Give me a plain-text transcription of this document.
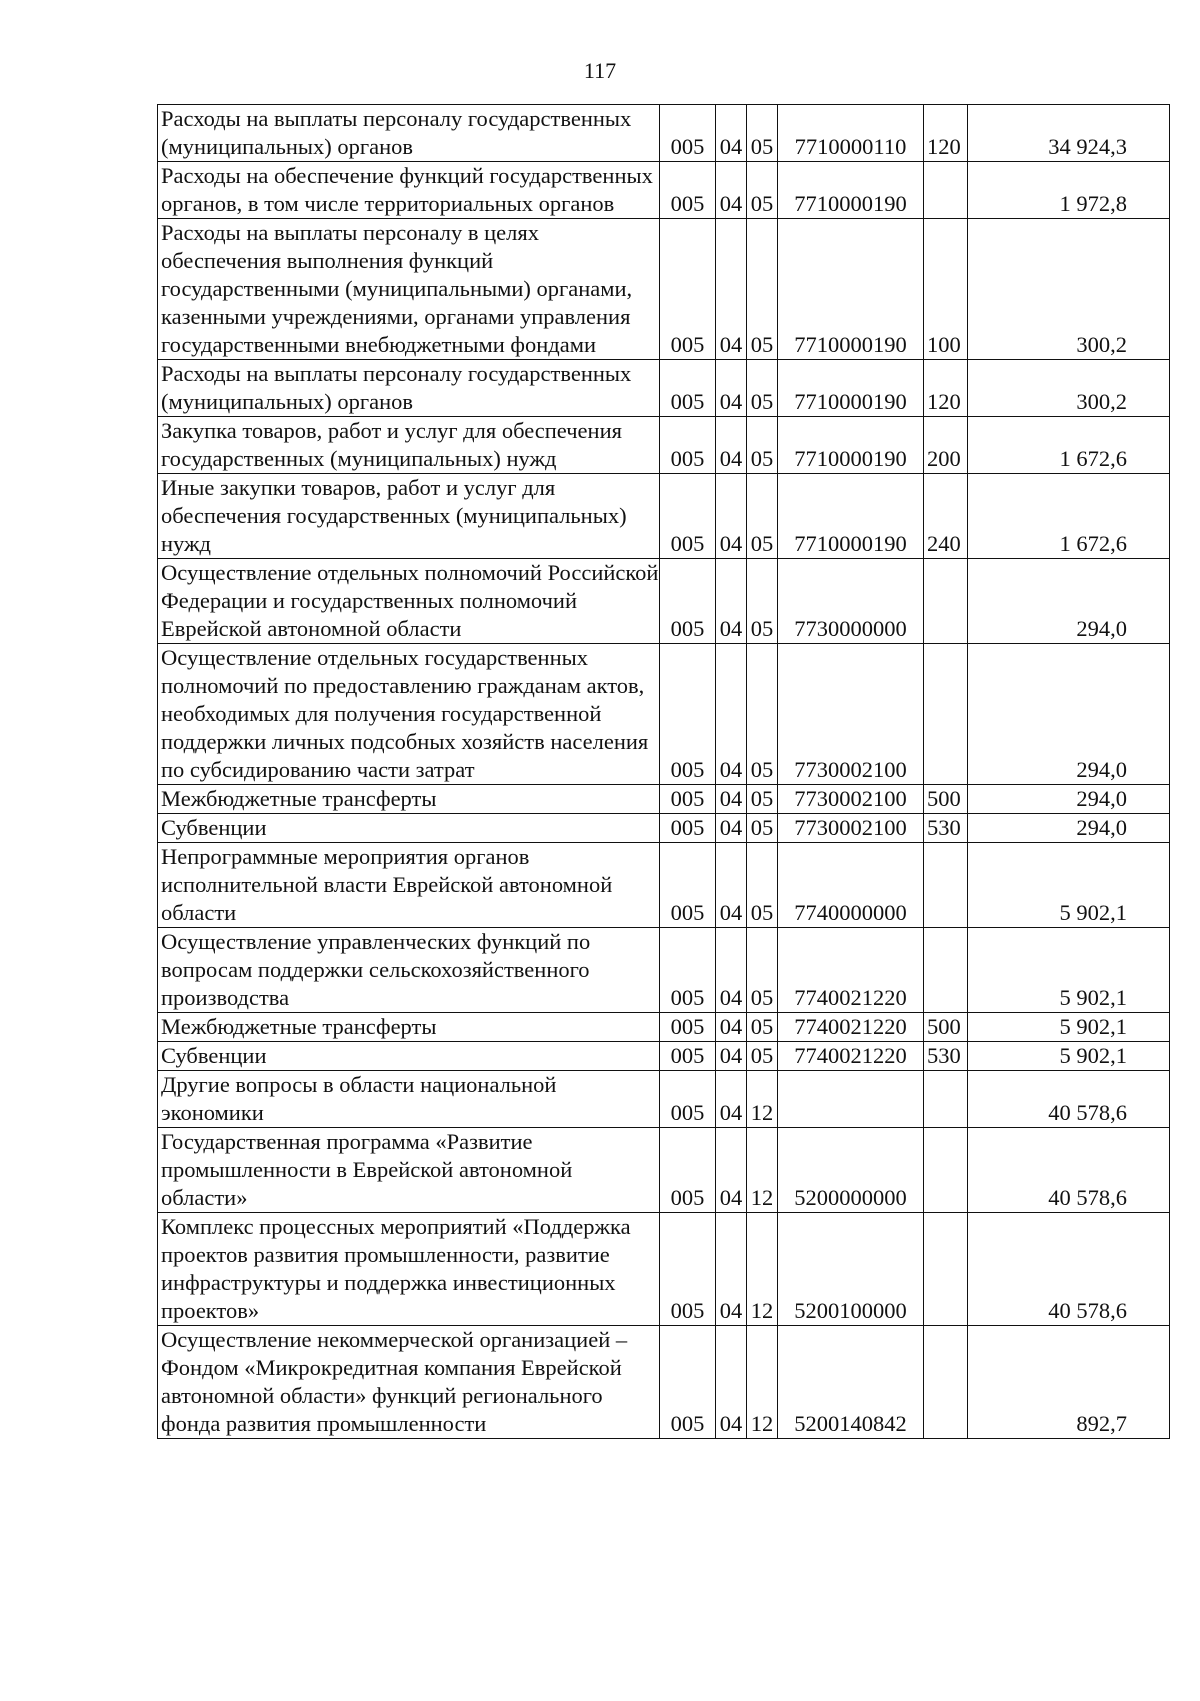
117
Расходы на выплаты персоналу государственных (муниципальных) органов	005	04	05	7710000110	120	34 924,3
Расходы на обеспечение функций государственных органов, в том числе территориальных органов	005	04	05	7710000190		1 972,8
Расходы на выплаты персоналу в целях обеспечения выполнения функций государственными (муниципальными) органами, казенными учреждениями, органами управления государственными внебюджетными фондами	005	04	05	7710000190	100	300,2
Расходы на выплаты персоналу государственных (муниципальных) органов	005	04	05	7710000190	120	300,2
Закупка товаров, работ и услуг для обеспечения государственных (муниципальных) нужд	005	04	05	7710000190	200	1 672,6
Иные закупки товаров, работ и услуг для обеспечения государственных (муниципальных) нужд	005	04	05	7710000190	240	1 672,6
Осуществление отдельных полномочий Российской Федерации и государственных полномочий Еврейской автономной области	005	04	05	7730000000		294,0
Осуществление отдельных государственных полномочий по предоставлению гражданам актов, необходимых для получения государственной поддержки личных подсобных хозяйств населения по субсидированию части затрат	005	04	05	7730002100		294,0
Межбюджетные трансферты	005	04	05	7730002100	500	294,0
Субвенции	005	04	05	7730002100	530	294,0
Непрограммные мероприятия органов исполнительной власти Еврейской автономной области	005	04	05	7740000000		5 902,1
Осуществление управленческих функций по вопросам поддержки сельскохозяйственного производства	005	04	05	7740021220		5 902,1
Межбюджетные трансферты	005	04	05	7740021220	500	5 902,1
Субвенции	005	04	05	7740021220	530	5 902,1
Другие вопросы в области национальной экономики	005	04	12			40 578,6
Государственная программа «Развитие промышленности в Еврейской автономной области»	005	04	12	5200000000		40 578,6
Комплекс процессных мероприятий «Поддержка проектов развития промышленности, развитие инфраструктуры и поддержка инвестиционных проектов»	005	04	12	5200100000		40 578,6
Осуществление некоммерческой организацией – Фондом «Микрокредитная компания Еврейской автономной области» функций регионального фонда развития промышленности	005	04	12	5200140842		892,7
